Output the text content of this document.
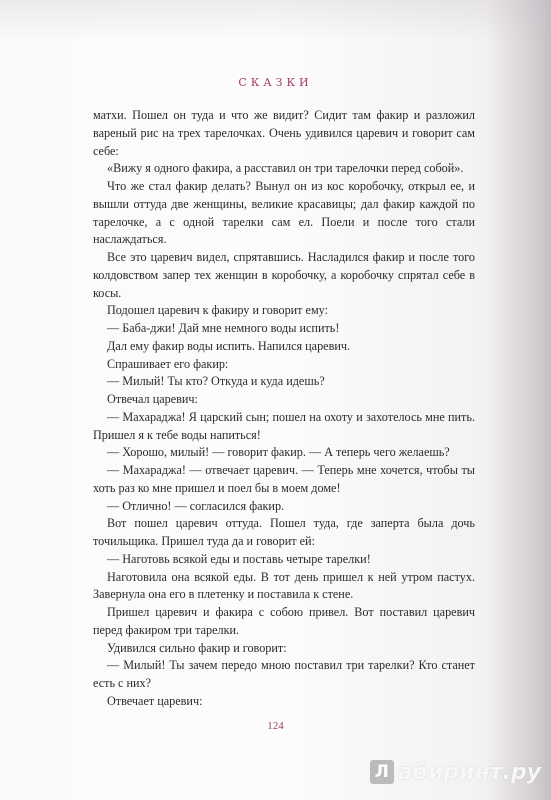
СКАЗКИ

матхи. Пошел он туда и что же видит? Сидит там факир и разложил вареный рис на трех тарелочках. Очень удивился царевич и говорит сам себе:

«Вижу я одного факира, а расставил он три тарелочки перед собой».

Что же стал факир делать? Вынул он из кос коробочку, открыл ее, и вышли оттуда две женщины, великие красавицы; дал факир каждой по тарелочке, а с одной тарелки сам ел. Поели и после того стали наслаждаться.

Все это царевич видел, спрятавшись. Насладился факир и после того колдовством запер тех женщин в коробочку, а коробочку спрятал себе в косы.

Подошел царевич к факиру и говорит ему:

— Баба-джи! Дай мне немного воды испить!

Дал ему факир воды испить. Напился царевич.

Спрашивает его факир:

— Милый! Ты кто? Откуда и куда идешь?

Отвечал царевич:

— Махараджа! Я царский сын; пошел на охоту и захотелось мне пить. Пришел я к тебе воды напиться!

— Хорошо, милый! — говорит факир. — А теперь чего желаешь?

— Махараджа! — отвечает царевич. — Теперь мне хочется, чтобы ты хоть раз ко мне пришел и поел бы в моем доме!

— Отлично! — согласился факир.

Вот пошел царевич оттуда. Пошел туда, где заперта была дочь точильщика. Пришел туда да и говорит ей:

— Наготовь всякой еды и поставь четыре тарелки!

Наготовила она всякой еды. В тот день пришел к ней утром пастух. Завернула она его в плетенку и поставила к стене.

Пришел царевич и факира с собою привел. Вот поставил царевич перед факиром три тарелки.

Удивился сильно факир и говорит:

— Милый! Ты зачем передо мною поставил три тарелки? Кто станет есть с них?

Отвечает царевич:

124
Л абиринт.ру
